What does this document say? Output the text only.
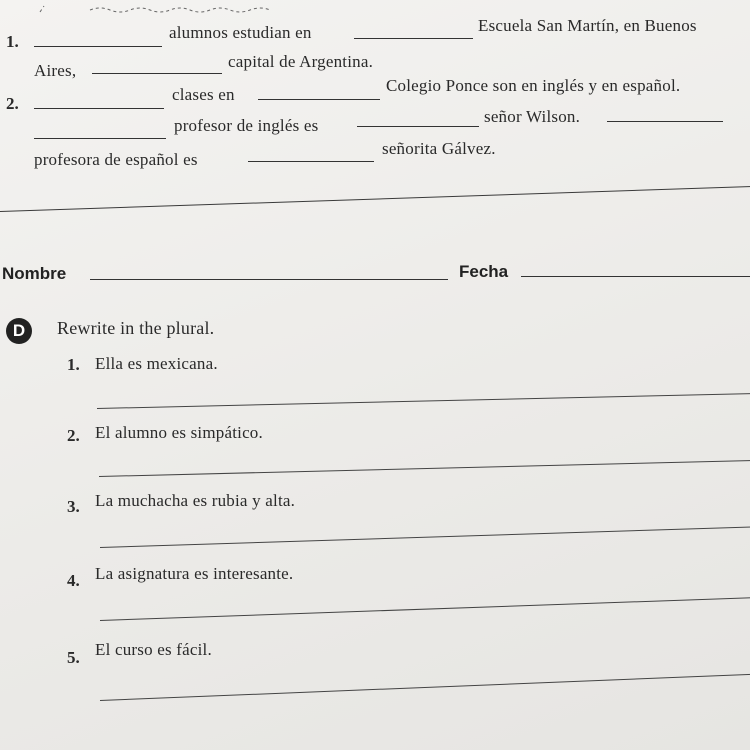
1.	alumnos estudian en	Escuela San Martín, en Buenos
Aires,	capital de Argentina.
2.	clases en	Colegio Ponce son en inglés y en español.
profesor de inglés es	señor Wilson.
profesora de español es
señorita Gálvez.
Nombre	Fecha
D	Rewrite in the plural.
1. Ella es mexicana.
2. El alumno es simpático.
3. La muchacha es rubia y alta.
4. La asignatura es interesante.
5. El curso es fácil.
